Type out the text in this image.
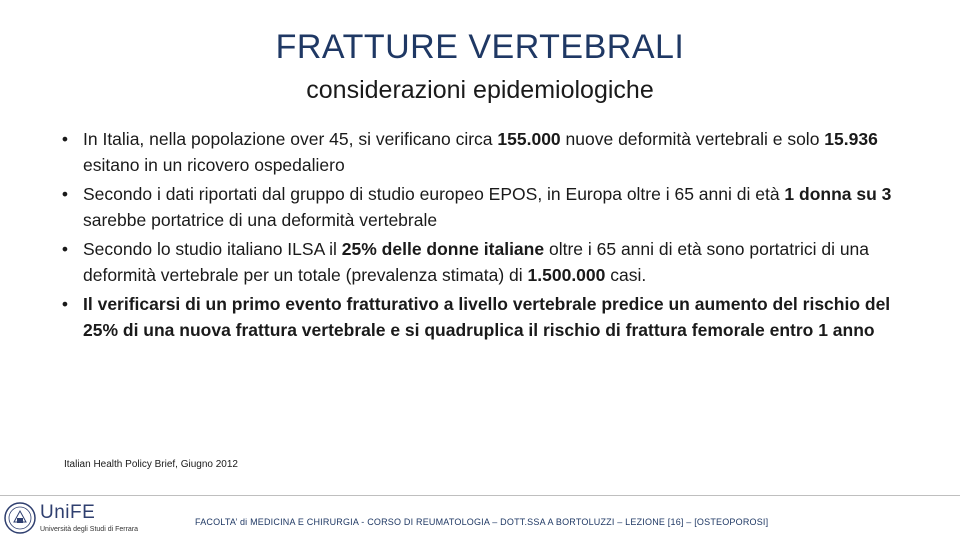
FRATTURE VERTEBRALI
considerazioni epidemiologiche
• In Italia, nella popolazione over 45, si verificano circa 155.000 nuove deformità vertebrali e solo 15.936 esitano in un ricovero ospedaliero
• Secondo i dati riportati dal gruppo di studio europeo EPOS, in Europa oltre i 65 anni di età 1 donna su 3 sarebbe portatrice di una deformità vertebrale
• Secondo lo studio italiano ILSA il 25% delle donne italiane oltre i 65 anni di età sono portatrici di una deformità vertebrale per un totale (prevalenza stimata) di 1.500.000 casi.
• Il verificarsi di un primo evento fratturativo a livello vertebrale predice un aumento del rischio del 25% di una nuova frattura vertebrale e si quadruplica il rischio di frattura femorale entro 1 anno
Italian Health Policy Brief, Giugno 2012
UniFE
Università degli Studi di Ferrara
FACOLTA’ di MEDICINA E CHIRURGIA - CORSO DI REUMATOLOGIA – DOTT.SSA A BORTOLUZZI – LEZIONE [16] – [OSTEOPOROSI]
